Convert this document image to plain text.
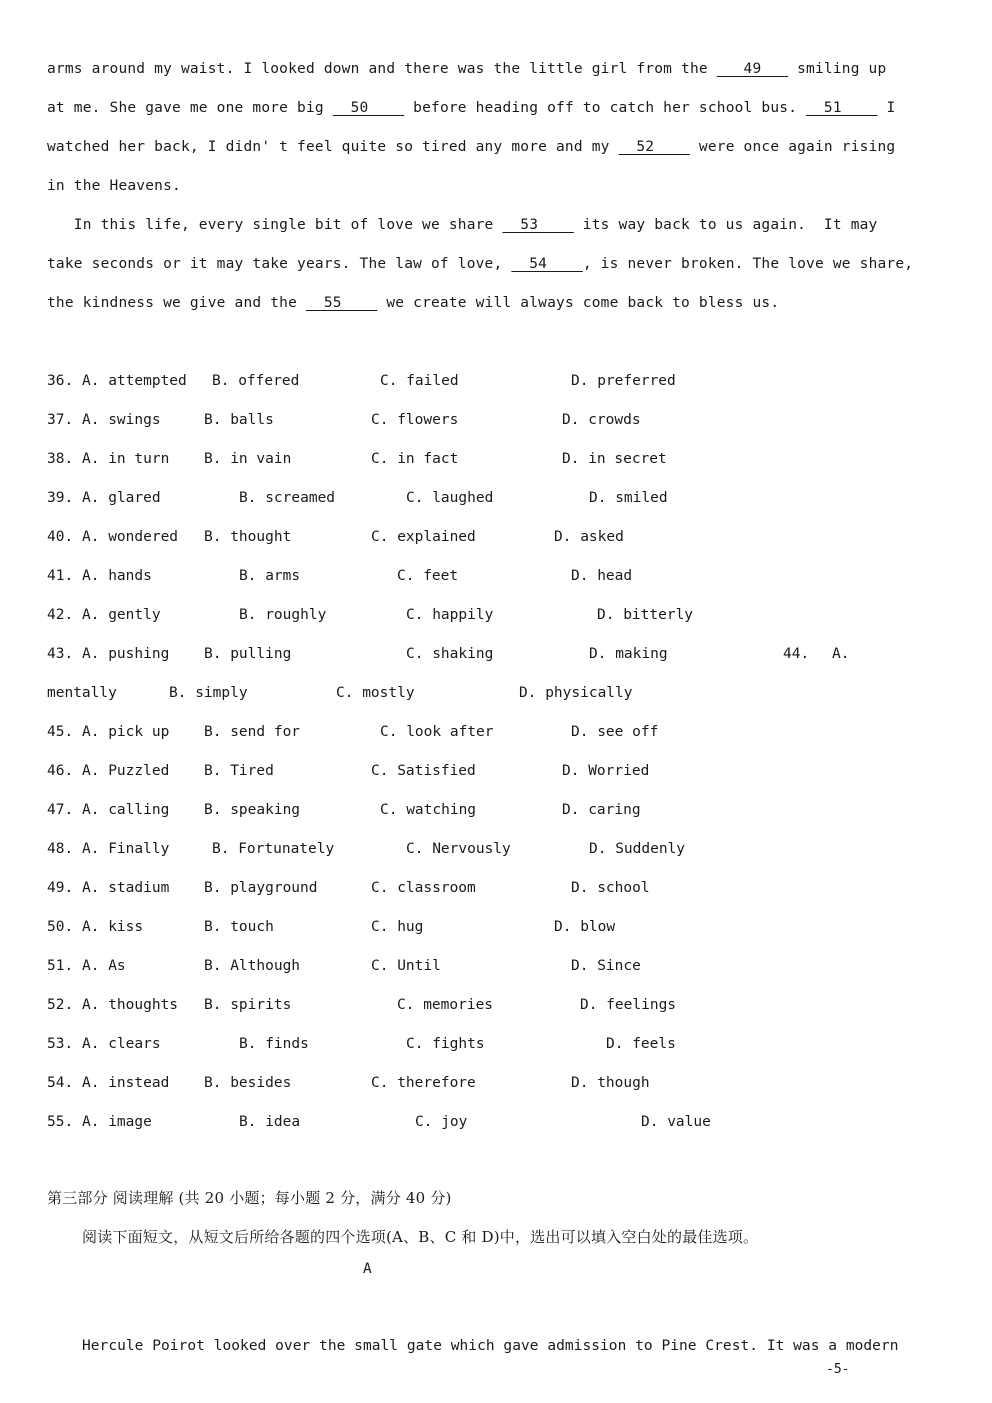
arms around my waist. I looked down and there was the little girl from the    49    smiling up
at me. She gave me one more big   50     before heading off to catch her school bus.   51     I
watched her back, I didn' t feel quite so tired any more and my   52     were once again rising
in the Heavens.
In this life, every single bit of love we share   53     its way back to us again.  It may
take seconds or it may take years. The law of love,   54    , is never broken. The love we share,
the kindness we give and the   55     we create will always come back to bless us.
36. A. attempted B. offered	C. failed	D. preferred
37. A. swings	B. balls	C. flowers	D. crowds
38. A. in turn B. in vain	C. in fact	D. in secret
39. A. glared	B. screamed	C. laughed	D. smiled
40. A. wondered B. thought	C. explained	D. asked
41. A. hands	B. arms	C. feet	D. head
42. A. gently	B. roughly	C. happily	D. bitterly
43. A. pushing B. pulling	C. shaking	D. making	44. A.
mentally	B. simply	C. mostly	D. physically
45. A. pick up B. send for	C. look after	D. see off
46. A. Puzzled B. Tired	C. Satisfied	D. Worried
47. A. calling B. speaking	C. watching	D. caring
48. A. Finally	B. Fortunately	C. Nervously	D. Suddenly
49. A. stadium B. playground	C. classroom	D. school
50. A. kiss	B. touch	C. hug	D. blow
51. A. As	B. Although	C. Until	D. Since
52. A. thoughts B. spirits	C. memories	D. feelings
53. A. clears	B. finds	C. fights	D. feels
54. A. instead B. besides	C. therefore	D. though
55. A. image	B. idea	C. joy	D. value
第三部分 阅读理解 (共 20 小题；每小题 2 分，满分 40 分)
阅读下面短文，从短文后所给各题的四个选项(A、B、C 和 D)中，选出可以填入空白处的最佳选项。
A
Hercule Poirot looked over the small gate which gave admission to Pine Crest. It was a modern
-5-
